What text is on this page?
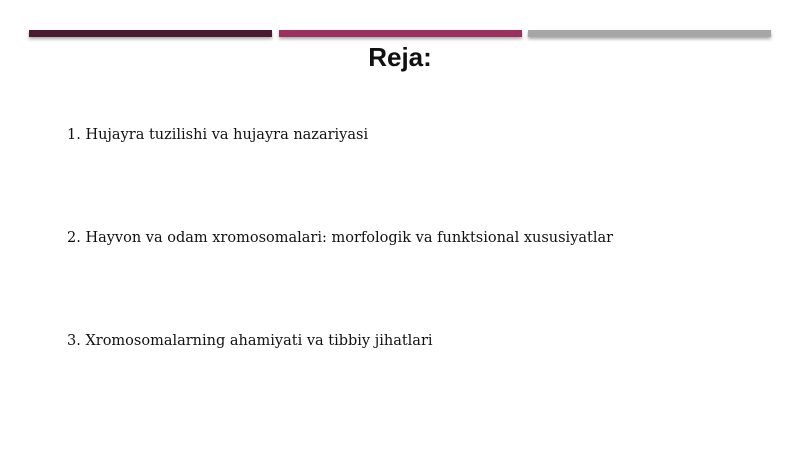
Reja:
1. Hujayra tuzilishi va hujayra nazariyasi
2. Hayvon va odam xromosomalari: morfologik va funktsional xususiyatlar
3. Xromosomalarning ahamiyati va tibbiy jihatlari
